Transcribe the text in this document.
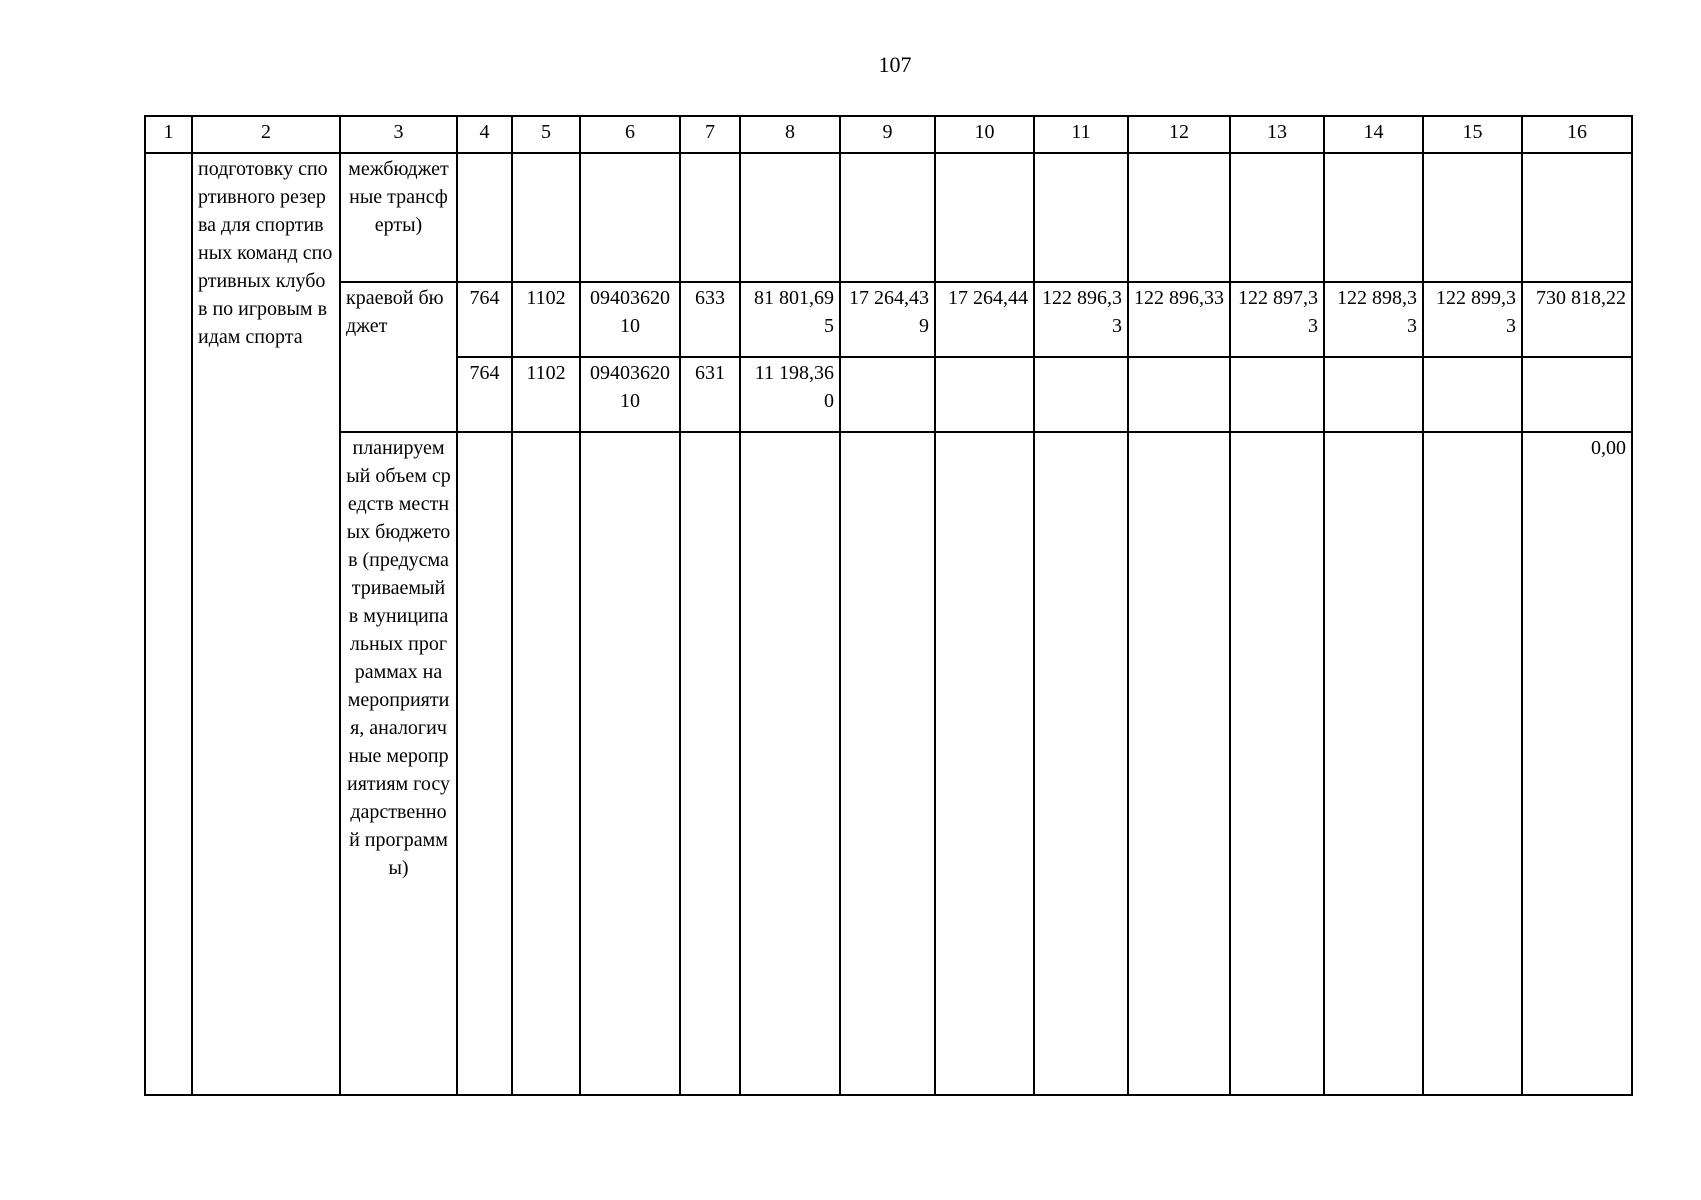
107
1	2	3	4	5	6	7	8	9	10	11	12	13	14	15	16
	подготовку спортивного резерва для спортивных команд спортивных клубов по игровым видам спорта	межбюджетные трансферты)													
		краевой бюджет	764	1102	0940362010	633	81 801,695	17 264,439	17 264,44	122 896,33	122 896,33	122 897,33	122 898,33	122 899,33	730 818,22
			764	1102	0940362010	631	11 198,360								
		планируемый объем средств местных бюджетов (предусматриваемый в муниципальных программах на мероприятия, аналогичные мероприятиям государственной программы)													0,00
